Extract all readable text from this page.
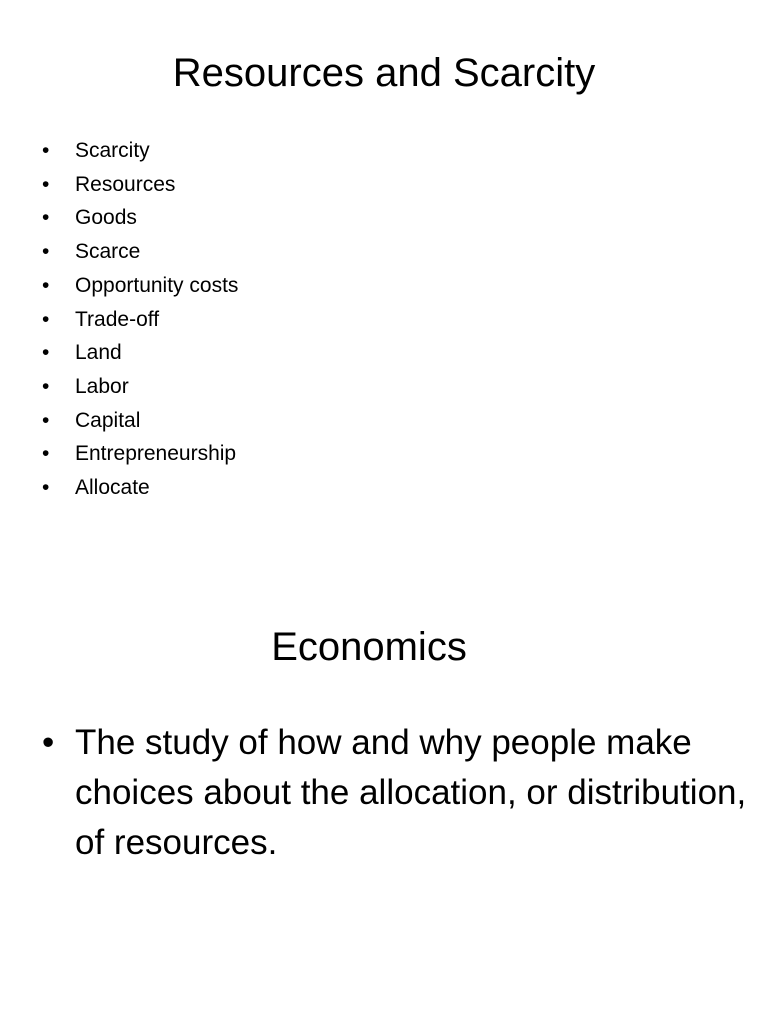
Resources and Scarcity
• Scarcity
• Resources
• Goods
• Scarce
• Opportunity costs
• Trade-off
• Land
• Labor
• Capital
• Entrepreneurship
• Allocate
Economics

• The study of how and why people make choices about the allocation, or distribution, of resources.
